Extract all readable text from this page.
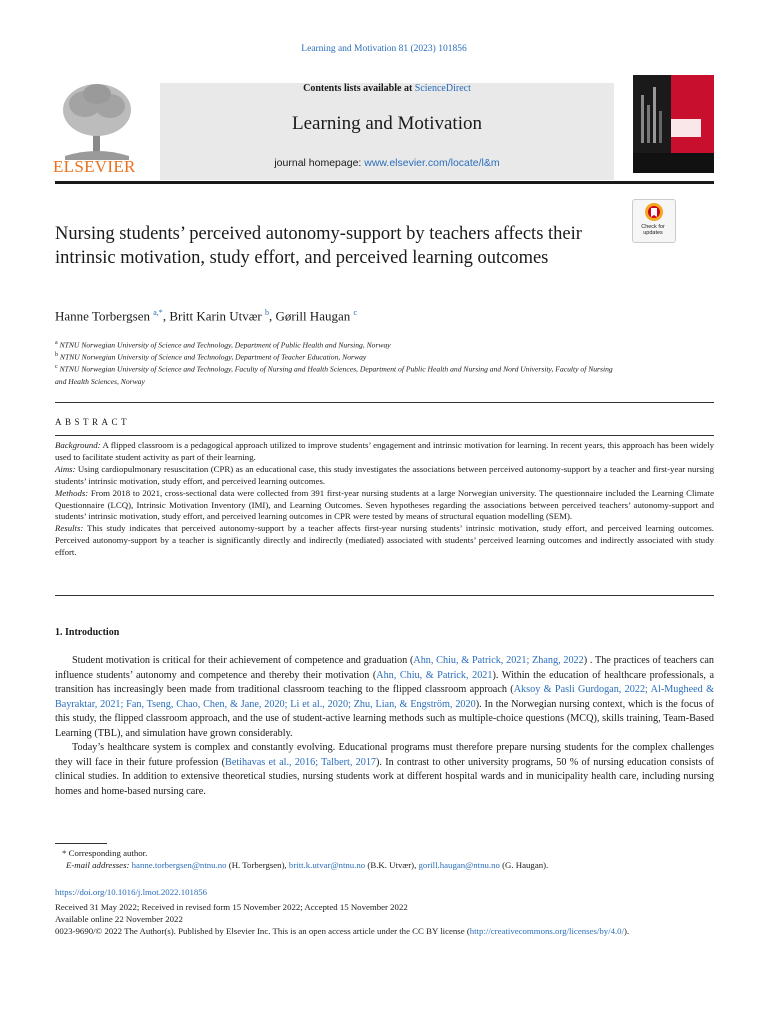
Learning and Motivation 81 (2023) 101856
ELSEVIER
Contents lists available at ScienceDirect
Learning and Motivation
journal homepage: www.elsevier.com/locate/l&m
Check for updates
Nursing students’ perceived autonomy-support by teachers affects their intrinsic motivation, study effort, and perceived learning outcomes
Hanne Torbergsen $^{a,*}$, Britt Karin Utvær $^b$, Gørill Haugan $^c$
$^a$ NTNU Norwegian University of Science and Technology, Department of Public Health and Nursing, Norway
$^b$ NTNU Norwegian University of Science and Technology, Department of Teacher Education, Norway
$^c$ NTNU Norwegian University of Science and Technology, Faculty of Nursing and Health Sciences, Department of Public Health and Nursing and Nord University, Faculty of Nursing and Health Sciences, Norway
ABSTRACT

Background: A flipped classroom is a pedagogical approach utilized to improve students’ engagement and intrinsic motivation for learning. In recent years, this approach has been widely used to facilitate student activity as part of their learning.

Aims: Using cardiopulmonary resuscitation (CPR) as an educational case, this study investigates the associations between perceived autonomy-support by a teacher and first-year nursing students’ intrinsic motivation, study effort, and perceived learning outcomes.

Methods: From 2018 to 2021, cross-sectional data were collected from 391 first-year nursing students at a large Norwegian university. The questionnaire included the Learning Climate Questionnaire (LCQ), Intrinsic Motivation Inventory (IMI), and Learning Outcomes. Seven hypotheses regarding the associations between perceived teachers’ autonomy-support and students’ intrinsic motivation, study effort, and perceived learning outcomes in CPR were tested by means of structural equation modelling (SEM).

Results: This study indicates that perceived autonomy-support by a teacher affects first-year nursing students’ intrinsic motivation, study effort, and perceived learning outcomes. Perceived autonomy-support by a teacher is significantly directly and indirectly (mediated) associated with students’ perceived learning outcomes and indirectly associated with study effort.

1. Introduction

Student motivation is critical for their achievement of competence and graduation (Ahn, Chiu, & Patrick, 2021; Zhang, 2022) . The practices of teachers can influence students’ autonomy and competence and thereby their motivation (Ahn, Chiu, & Patrick, 2021). Within the education of healthcare professionals, a transition has increasingly been made from traditional classroom teaching to the flipped classroom approach (Aksoy & Pasli Gurdogan, 2022; Al-Mugheed & Bayraktar, 2021; Fan, Tseng, Chao, Chen, & Jane, 2020; Li et al., 2020; Zhu, Lian, & Engström, 2020). In the Norwegian nursing context, which is the focus of this study, the flipped classroom approach, and the use of student-active learning methods such as multiple-choice questions (MCQ), skills training, Team-Based Learning (TBL), and simulation have grown considerably.

Today’s healthcare system is complex and constantly evolving. Educational programs must therefore prepare nursing students for the complex challenges they will face in their future profession (Betihavas et al., 2016; Talbert, 2017). In contrast to other university programs, 50 % of nursing education consists of clinical studies. In addition to extensive theoretical studies, nursing students work at different hospital wards and in municipality health care, including nursing homes and home-based nursing care.

* Corresponding author.
E-mail addresses: hanne.torbergsen@ntnu.no (H. Torbergsen), britt.k.utvar@ntnu.no (B.K. Utvær), gorill.haugan@ntnu.no (G. Haugan).
https://doi.org/10.1016/j.lmot.2022.101856
Received 31 May 2022; Received in revised form 15 November 2022; Accepted 15 November 2022
Available online 22 November 2022
0023-9690/© 2022 The Author(s). Published by Elsevier Inc. This is an open access article under the CC BY license (http://creativecommons.org/licenses/by/4.0/).
